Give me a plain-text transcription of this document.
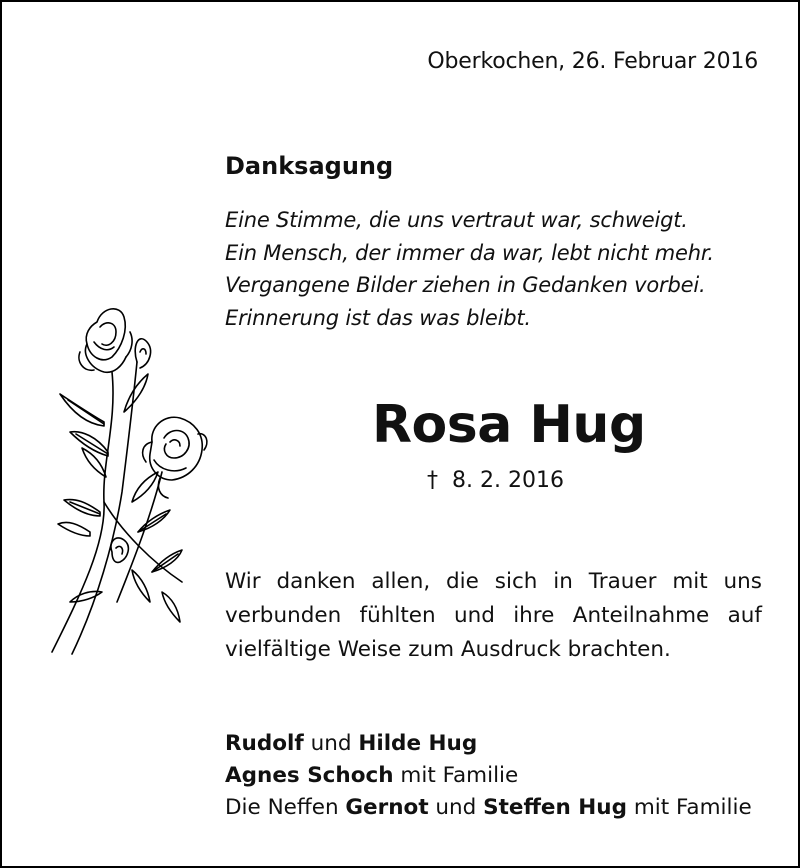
Oberkochen, 26. Februar 2016
Danksagung
Eine Stimme, die uns vertraut war, schweigt.
Ein Mensch, der immer da war, lebt nicht mehr.
Vergangene Bilder ziehen in Gedanken vorbei.
Erinnerung ist das was bleibt.
Rosa Hug
† 8. 2. 2016

Wir danken allen, die sich in Trauer mit uns verbunden fühlten und ihre Anteilnahme auf vielfältige Weise zum Ausdruck brachten.

Rudolf und Hilde Hug
Agnes Schoch mit Familie
Die Neffen Gernot und Steffen Hug mit Familie
